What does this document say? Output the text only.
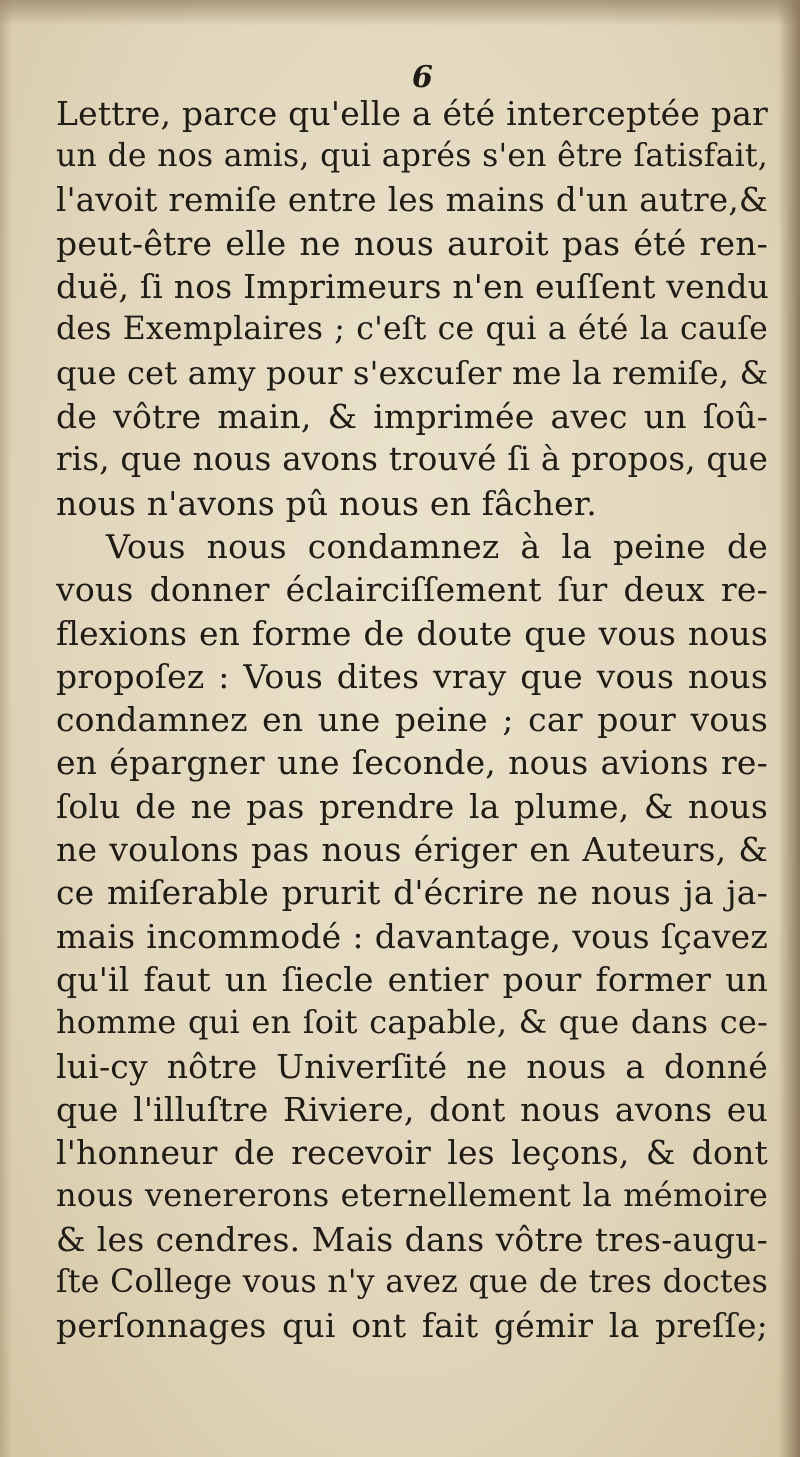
6
Lettre, parce qu'elle a été interceptée par
un de nos amis, qui aprés s'en être ſatisfait,
l'avoit remiſe entre les mains d'un autre,&
peut-être elle ne nous auroit pas été ren-
duë, ſi nos Imprimeurs n'en euſſent vendu
des Exemplaires ; c'eſt ce qui a été la cauſe
que cet amy pour s'excuſer me la remiſe, &
de vôtre main, & imprimée avec un ſoû-
ris, que nous avons trouvé ſi à propos, que
nous n'avons pû nous en fâcher.
Vous nous condamnez à la peine de
vous donner éclairciſſement ſur deux re-
flexions en forme de doute que vous nous
propoſez : Vous dites vray que vous nous
condamnez en une peine ; car pour vous
en épargner une ſeconde, nous avions re-
ſolu de ne pas prendre la plume, & nous
ne voulons pas nous ériger en Auteurs, &
ce miſerable prurit d'écrire ne nous ja ja-
mais incommodé : davantage, vous ſçavez
qu'il faut un ſiecle entier pour former un
homme qui en ſoit capable, & que dans ce-
lui-cy nôtre Univerſité ne nous a donné
que l'illuſtre Riviere, dont nous avons eu
l'honneur de recevoir les leçons, & dont
nous venererons eternellement la mémoire
& les cendres. Mais dans vôtre tres-augu-
ſte College vous n'y avez que de tres doctes
perſonnages qui ont fait gémir la preſſe;
